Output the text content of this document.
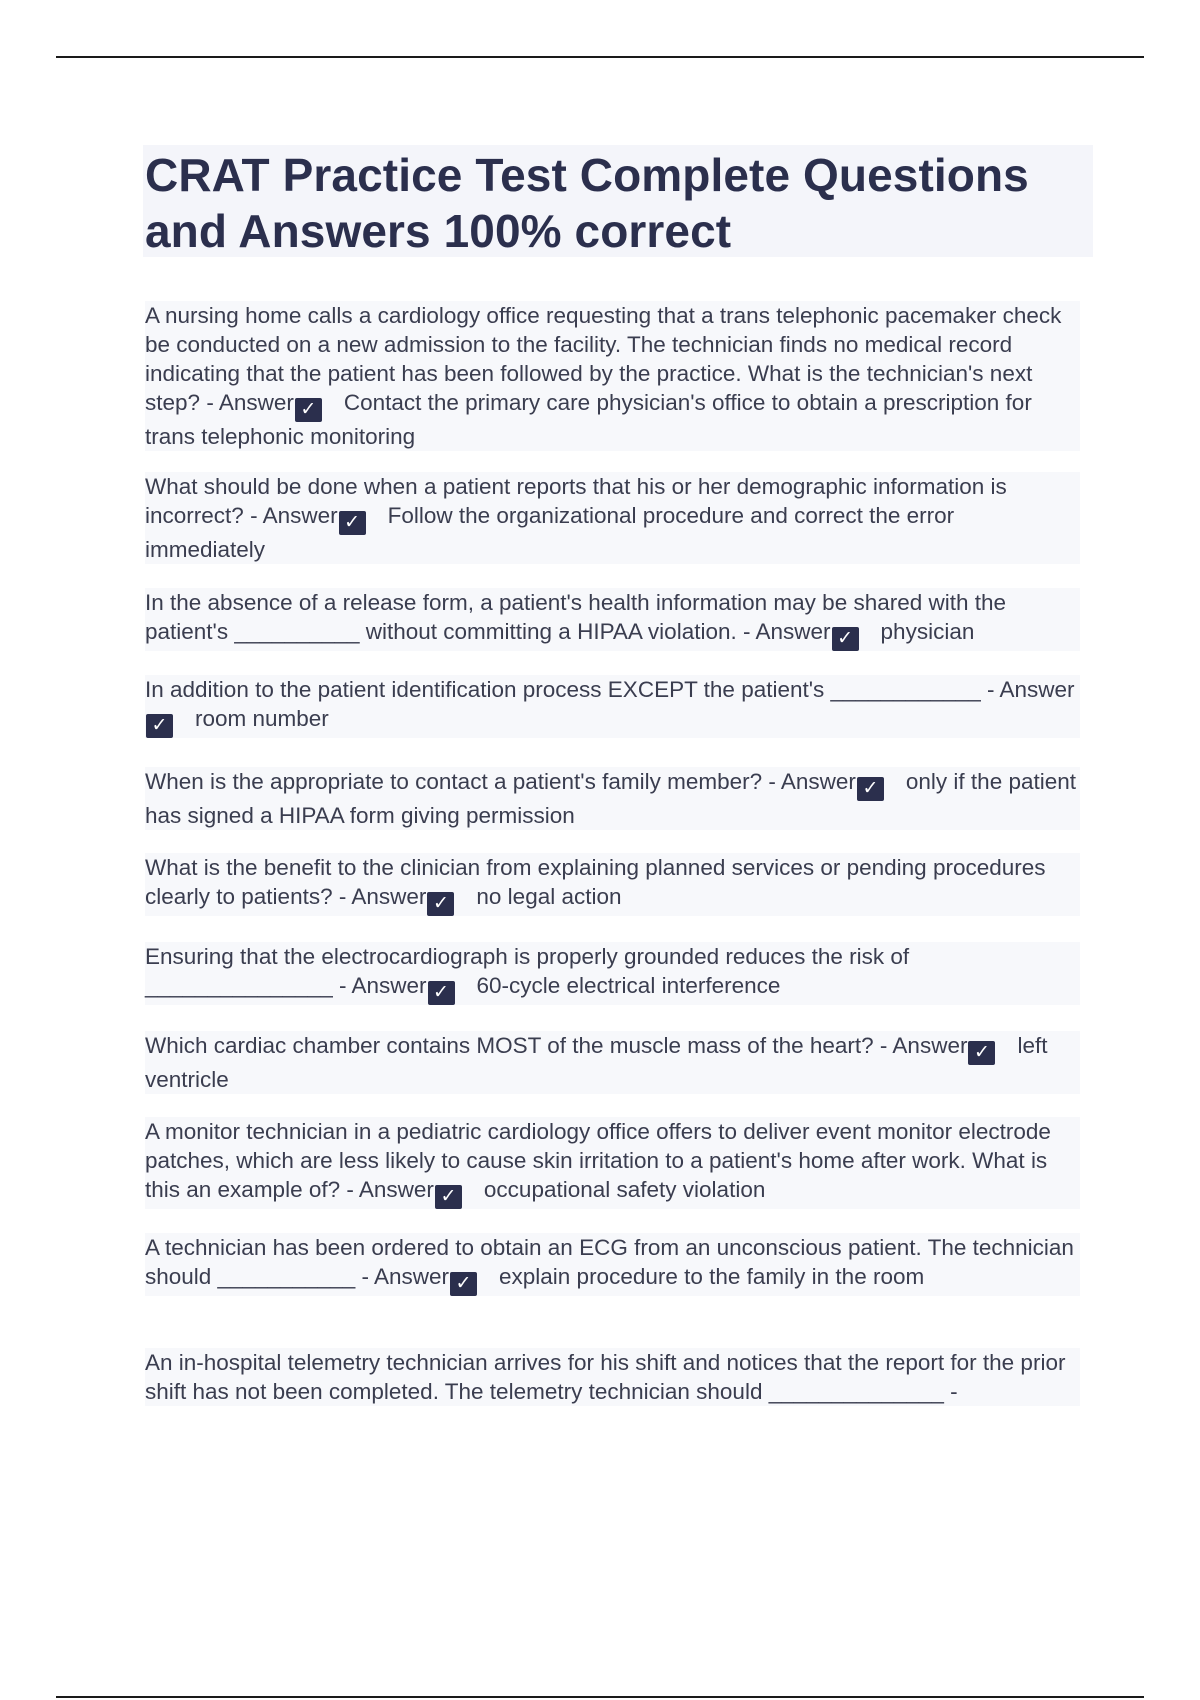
CRAT Practice Test Complete Questions and Answers 100% correct
A nursing home calls a cardiology office requesting that a trans telephonic pacemaker check be conducted on a new admission to the facility. The technician finds no medical record indicating that the patient has been followed by the practice. What is the technician's next step? - Answer ✓ Contact the primary care physician's office to obtain a prescription for trans telephonic monitoring
What should be done when a patient reports that his or her demographic information is incorrect? - Answer ✓ Follow the organizational procedure and correct the error immediately
In the absence of a release form, a patient's health information may be shared with the patient's __________ without committing a HIPAA violation. - Answer ✓ physician
In addition to the patient identification process EXCEPT the patient's ____________ - Answer✓ room number
When is the appropriate to contact a patient's family member? - Answer ✓ only if the patient has signed a HIPAA form giving permission
What is the benefit to the clinician from explaining planned services or pending procedures clearly to patients? - Answer ✓ no legal action
Ensuring that the electrocardiograph is properly grounded reduces the risk of _______________ - Answer ✓ 60-cycle electrical interference
Which cardiac chamber contains MOST of the muscle mass of the heart? - Answer ✓ left ventricle
A monitor technician in a pediatric cardiology office offers to deliver event monitor electrode patches, which are less likely to cause skin irritation to a patient's home after work. What is this an example of? - Answer ✓ occupational safety violation
A technician has been ordered to obtain an ECG from an unconscious patient. The technician should ___________ - Answer ✓ explain procedure to the family in the room
An in-hospital telemetry technician arrives for his shift and notices that the report for the prior shift has not been completed. The telemetry technician should ______________ -
